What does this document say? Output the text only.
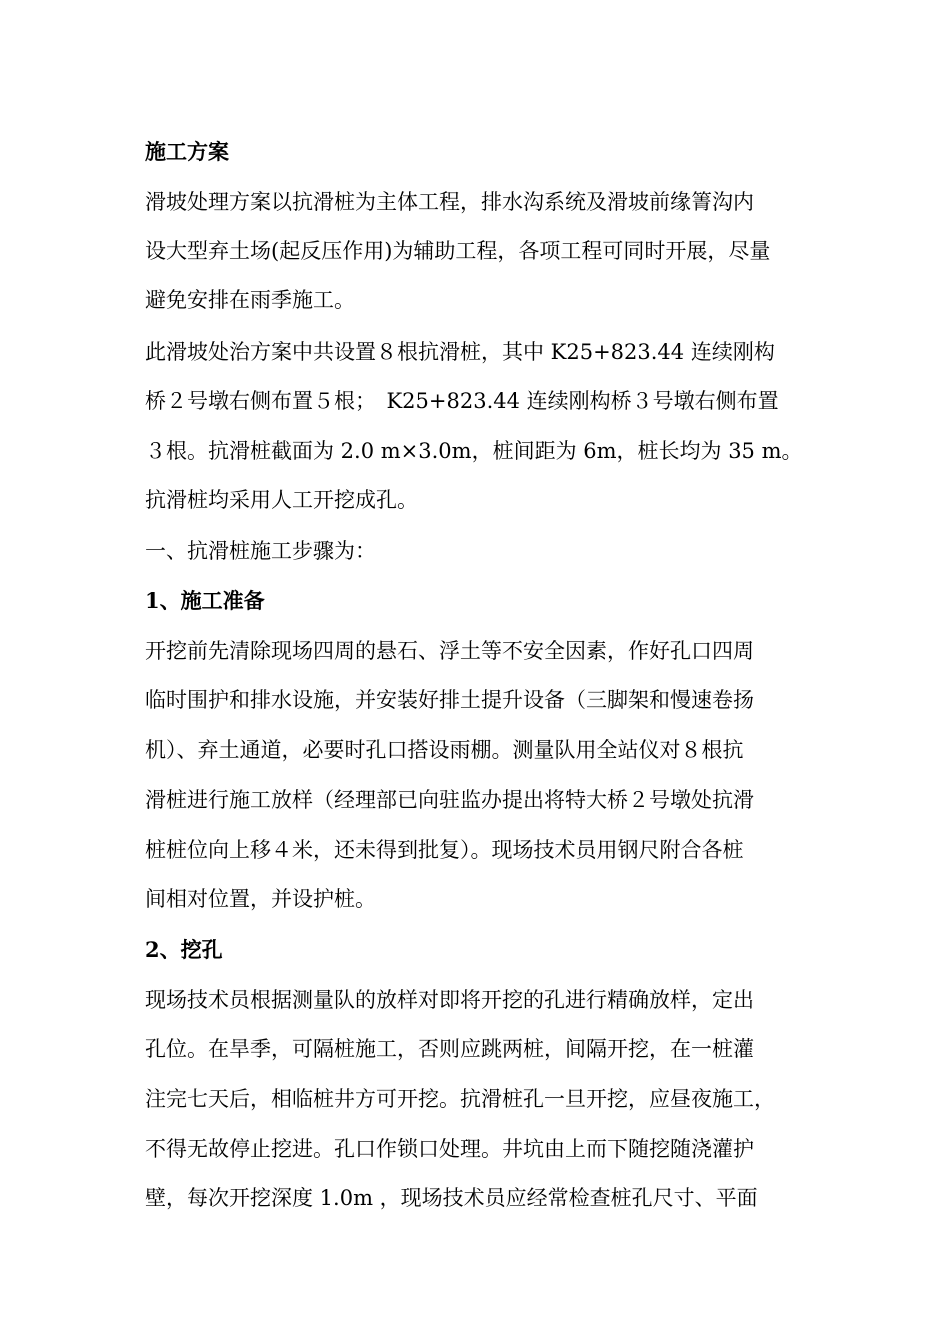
施工方案
滑坡处理方案以抗滑桩为主体工程，排水沟系统及滑坡前缘箐沟内
设大型弃土场(起反压作用)为辅助工程，各项工程可同时开展，尽量
避免安排在雨季施工。
此滑坡处治方案中共设置８根抗滑桩，其中 K25+823.44 连续刚构
桥２号墩右侧布置５根；　K25+823.44 连续刚构桥３号墩右侧布置
３根。抗滑桩截面为 2.0 m×3.0m，桩间距为 6m，桩长均为 35 m。
抗滑桩均采用人工开挖成孔。
一、抗滑桩施工步骤为：
1、施工准备
开挖前先清除现场四周的悬石、浮土等不安全因素，作好孔口四周
临时围护和排水设施，并安装好排土提升设备（三脚架和慢速卷扬
机）、弃土通道，必要时孔口搭设雨棚。测量队用全站仪对８根抗
滑桩进行施工放样（经理部已向驻监办提出将特大桥２号墩处抗滑
桩桩位向上移４米，还未得到批复）。现场技术员用钢尺附合各桩
间相对位置，并设护桩。
2、挖孔
现场技术员根据测量队的放样对即将开挖的孔进行精确放样，定出
孔位。在旱季，可隔桩施工，否则应跳两桩，间隔开挖，在一桩灌
注完七天后，相临桩井方可开挖。抗滑桩孔一旦开挖，应昼夜施工，
不得无故停止挖进。孔口作锁口处理。井坑由上而下随挖随浇灌护
壁，每次开挖深度 1.0m ，现场技术员应经常检查桩孔尺寸、平面
